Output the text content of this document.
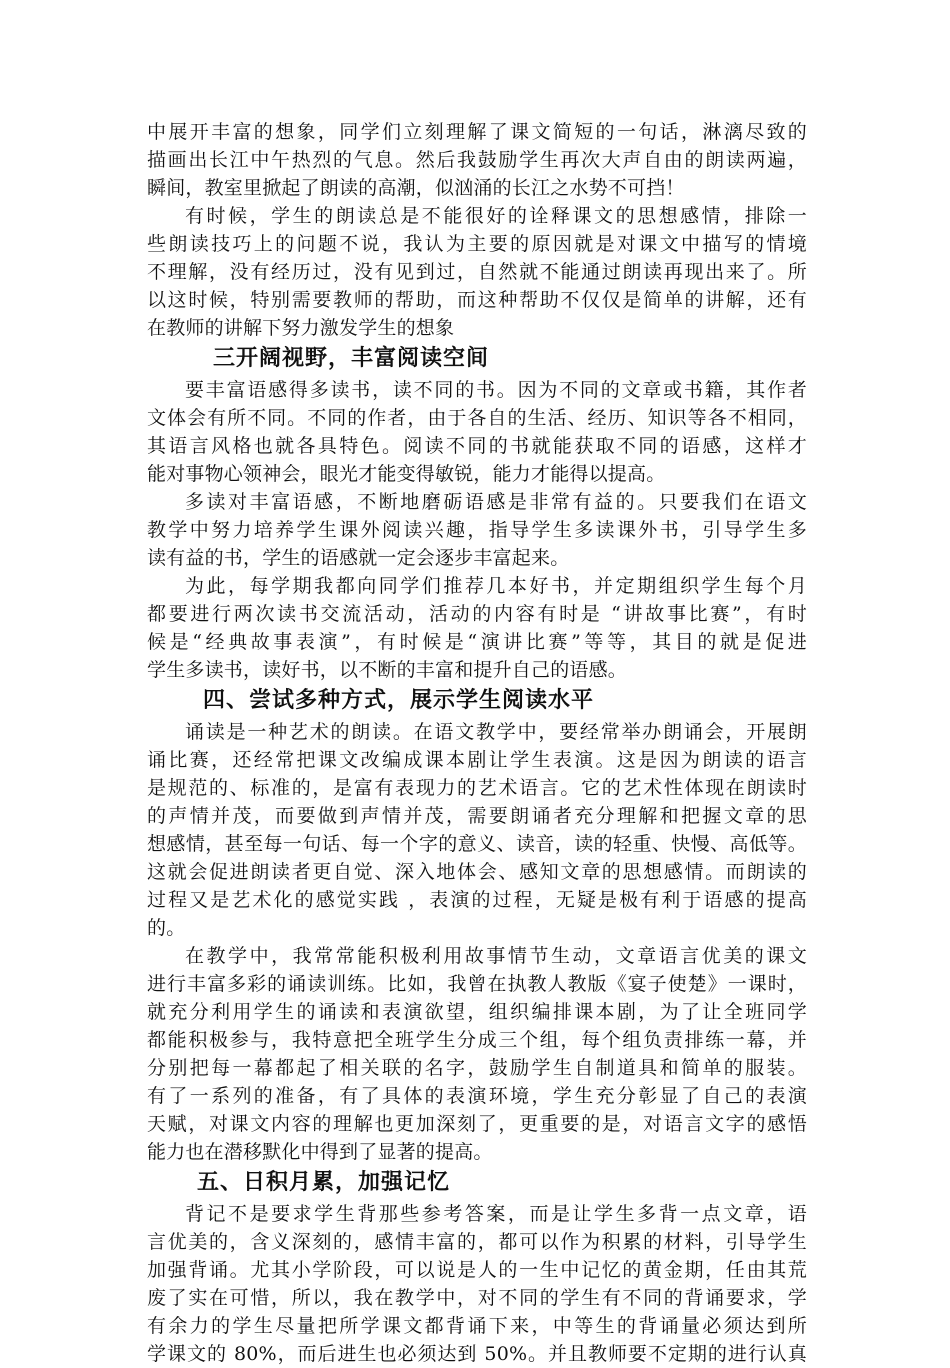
中展开丰富的想象，同学们立刻理解了课文简短的一句话，淋漓尽致的
描画出长江中午热烈的气息。然后我鼓励学生再次大声自由的朗读两遍，
瞬间，教室里掀起了朗读的高潮，似汹涌的长江之水势不可挡！
有时候，学生的朗读总是不能很好的诠释课文的思想感情，排除一
些朗读技巧上的问题不说，我认为主要的原因就是对课文中描写的情境
不理解，没有经历过，没有见到过，自然就不能通过朗读再现出来了。所
以这时候，特别需要教师的帮助，而这种帮助不仅仅是简单的讲解，还有
在教师的讲解下努力激发学生的想象
三开阔视野，丰富阅读空间
要丰富语感得多读书，读不同的书。因为不同的文章或书籍，其作者
文体会有所不同。不同的作者，由于各自的生活、经历、知识等各不相同，
其语言风格也就各具特色。阅读不同的书就能获取不同的语感，这样才
能对事物心领神会，眼光才能变得敏锐，能力才能得以提高。
多读对丰富语感，不断地磨砺语感是非常有益的。只要我们在语文
教学中努力培养学生课外阅读兴趣，指导学生多读课外书，引导学生多
读有益的书，学生的语感就一定会逐步丰富起来。
为此，每学期我都向同学们推荐几本好书，并定期组织学生每个月
都要进行两次读书交流活动，活动的内容有时是 “讲故事比赛”，有时
候是“经典故事表演”，有时候是“演讲比赛”等等，其目的就是促进
学生多读书，读好书，以不断的丰富和提升自己的语感。
四、尝试多种方式，展示学生阅读水平
诵读是一种艺术的朗读。在语文教学中，要经常举办朗诵会，开展朗
诵比赛，还经常把课文改编成课本剧让学生表演。这是因为朗读的语言
是规范的、标准的，是富有表现力的艺术语言。它的艺术性体现在朗读时
的声情并茂，而要做到声情并茂，需要朗诵者充分理解和把握文章的思
想感情，甚至每一句话、每一个字的意义、读音，读的轻重、快慢、高低等。
这就会促进朗读者更自觉、深入地体会、感知文章的思想感情。而朗读的
过程又是艺术化的感觉实践 ，表演的过程，无疑是极有利于语感的提高
的。
在教学中，我常常能积极利用故事情节生动，文章语言优美的课文
进行丰富多彩的诵读训练。比如，我曾在执教人教版《宴子使楚》一课时，
就充分利用学生的诵读和表演欲望，组织编排课本剧，为了让全班同学
都能积极参与，我特意把全班学生分成三个组，每个组负责排练一幕，并
分别把每一幕都起了相关联的名字，鼓励学生自制道具和简单的服装。
有了一系列的准备，有了具体的表演环境，学生充分彰显了自己的表演
天赋，对课文内容的理解也更加深刻了，更重要的是，对语言文字的感悟
能力也在潜移默化中得到了显著的提高。
五、日积月累，加强记忆
背记不是要求学生背那些参考答案，而是让学生多背一点文章，语
言优美的，含义深刻的，感情丰富的，都可以作为积累的材料，引导学生
加强背诵。尤其小学阶段，可以说是人的一生中记忆的黄金期，任由其荒
废了实在可惜，所以，我在教学中，对不同的学生有不同的背诵要求，学
有余力的学生尽量把所学课文都背诵下来，中等生的背诵量必须达到所
学课文的 80%，而后进生也必须达到 50%。并且教师要不定期的进行认真
